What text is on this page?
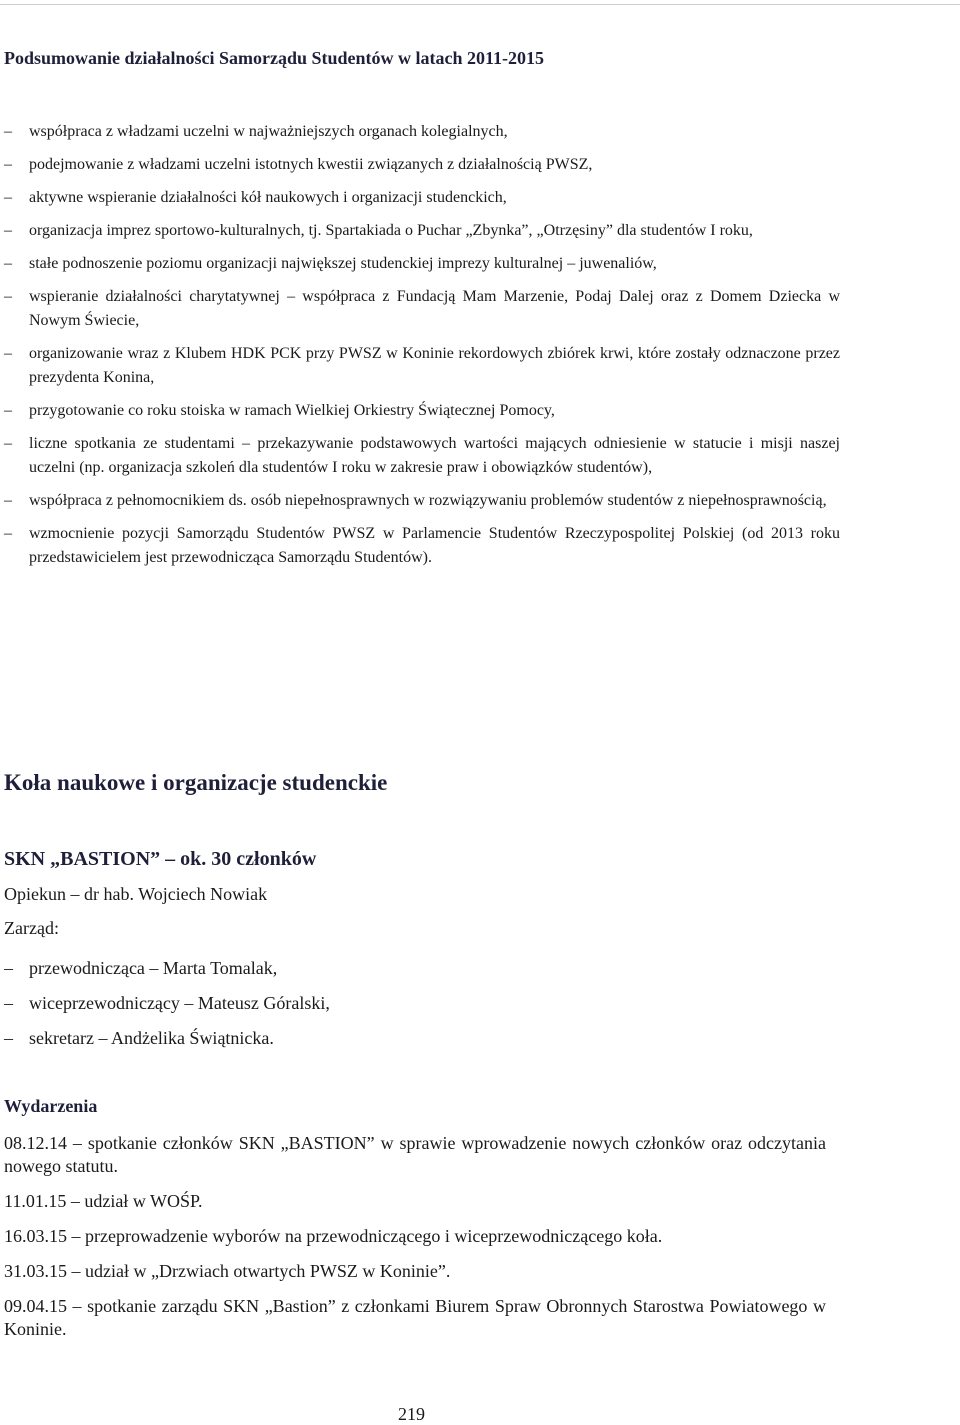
Podsumowanie działalności Samorządu Studentów w latach 2011-2015
–	współpraca z władzami uczelni w najważniejszych organach kolegialnych,
–	podejmowanie z władzami uczelni istotnych kwestii związanych z działalnością PWSZ,
–	aktywne wspieranie działalności kół naukowych i organizacji studenckich,
–	organizacja imprez sportowo-kulturalnych, tj. Spartakiada o Puchar „Zbynka”, „Otrzęsiny” dla studentów I roku,
–	stałe podnoszenie poziomu organizacji największej studenckiej imprezy kulturalnej – juwenaliów,
–	wspieranie działalności charytatywnej – współpraca z Fundacją Mam Marzenie, Podaj Dalej oraz z Domem Dziecka w Nowym Świecie,
–	organizowanie wraz z Klubem HDK PCK przy PWSZ w Koninie rekordowych zbiórek krwi, które zostały odznaczone przez prezydenta Konina,
–	przygotowanie co roku stoiska w ramach Wielkiej Orkiestry Świątecznej Pomocy,
–	liczne spotkania ze studentami – przekazywanie podstawowych wartości mających odniesienie w statucie i misji naszej uczelni (np. organizacja szkoleń dla studentów I roku w zakresie praw i obowiązków studentów),
–	współpraca z pełnomocnikiem ds. osób niepełnosprawnych w rozwiązywaniu problemów studentów z niepełnosprawnością,
–	wzmocnienie pozycji Samorządu Studentów PWSZ w Parlamencie Studentów Rzeczypospolitej Polskiej (od 2013 roku przedstawicielem jest przewodnicząca Samorządu Studentów).
Koła naukowe i organizacje studenckie
SKN „BASTION” – ok. 30 członków
Opiekun – dr hab. Wojciech Nowiak
Zarząd:
– przewodnicząca – Marta Tomalak,
– wiceprzewodniczący – Mateusz Góralski,
– sekretarz – Andżelika Świątnicka.
Wydarzenia
08.12.14 – spotkanie członków SKN „BASTION” w sprawie wprowadzenie nowych członków oraz odczytania nowego statutu.
11.01.15 – udział w WOŚP.
16.03.15 – przeprowadzenie wyborów na przewodniczącego i wiceprzewodniczącego koła.
31.03.15 – udział w „Drzwiach otwartych PWSZ w Koninie”.
09.04.15 – spotkanie zarządu SKN „Bastion” z członkami Biurem Spraw Obronnych Starostwa Powiatowego w Koninie.
219
